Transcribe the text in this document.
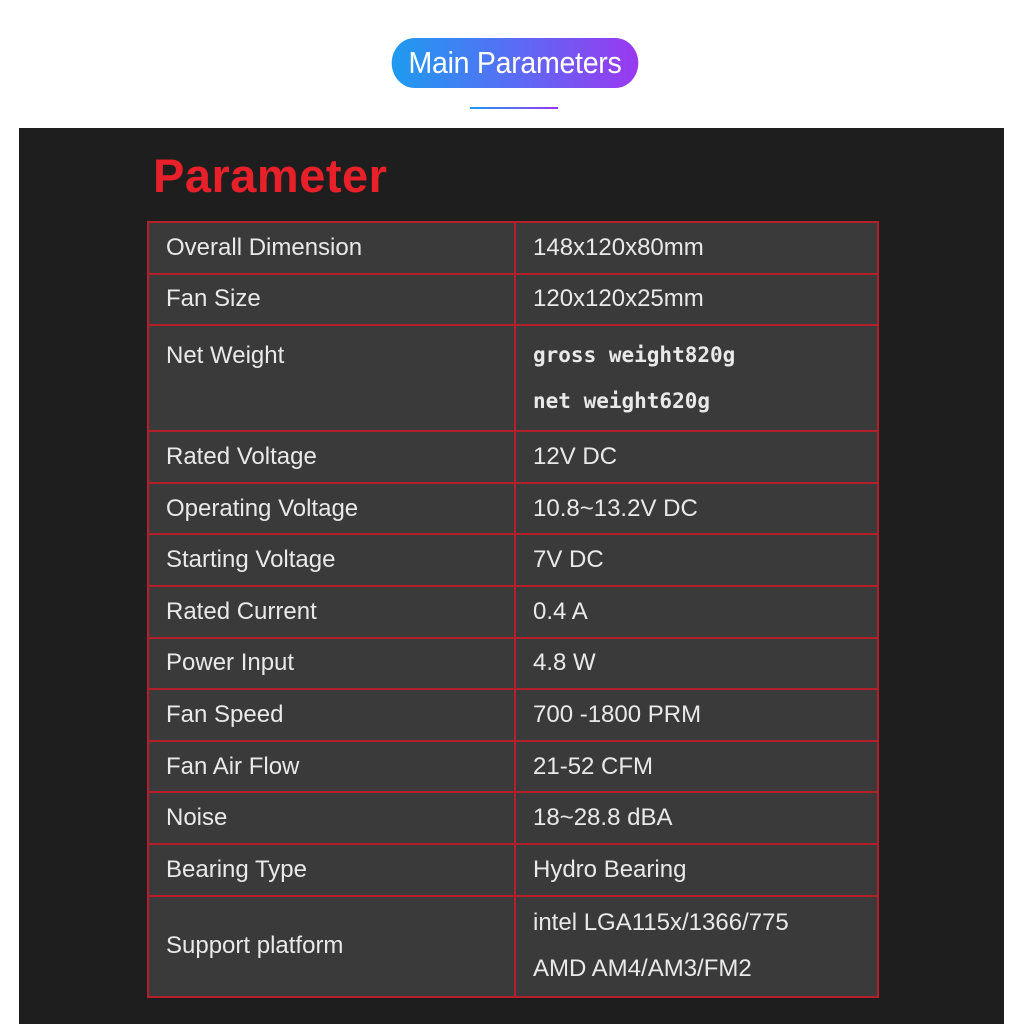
Main Parameters
Parameter
Overall Dimension	148x120x80mm
Fan Size	120x120x25mm
Net Weight	gross weight820g
net weight620g

Rated Voltage	12V DC
Operating Voltage	10.8~13.2V DC
Starting Voltage	7V DC
Rated Current	0.4 A
Power Input	4.8 W
Fan Speed	700 -1800 PRM
Fan Air Flow	21-52 CFM
Noise	18~28.8 dBA
Bearing Type	Hydro Bearing
Support platform	intel LGA115x/1366/775
AMD AM4/AM3/FM2
